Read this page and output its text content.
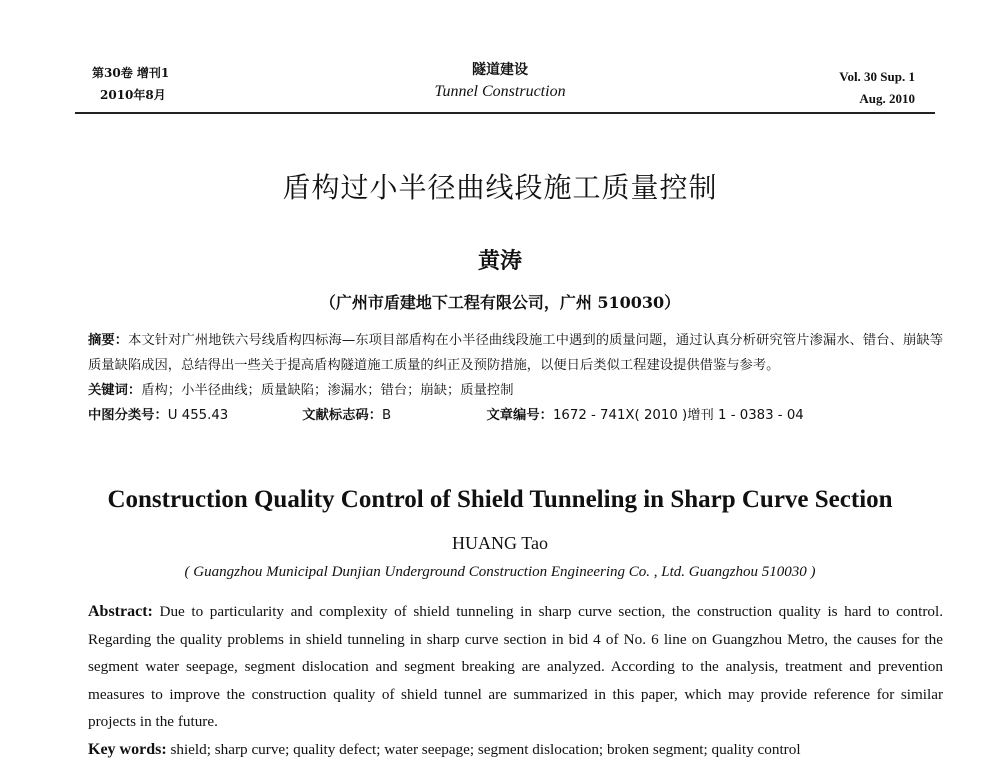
第30卷 增刊1
2010年8月
隧道建设
Tunnel Construction
Vol. 30 Sup. 1
Aug. 2010
盾构过小半径曲线段施工质量控制
黄涛
（广州市盾建地下工程有限公司，广州 510030）
摘要：本文针对广州地铁六号线盾构四标海—东项目部盾构在小半径曲线段施工中遇到的质量问题，通过认真分析研究管片渗漏水、错台、崩缺等质量缺陷成因，总结得出一些关于提高盾构隧道施工质量的纠正及预防措施，以便日后类似工程建设提供借鉴与参考。
关键词：盾构；小半径曲线；质量缺陷；渗漏水；错台；崩缺；质量控制
中图分类号：U 455.43	文献标志码：B	文章编号：1672 - 741X( 2010 )增刊 1 - 0383 - 04
Construction Quality Control of Shield Tunneling in Sharp Curve Section
HUANG Tao
( Guangzhou Municipal Dunjian Underground Construction Engineering Co. , Ltd. Guangzhou 510030 )
Abstract: Due to particularity and complexity of shield tunneling in sharp curve section, the construction quality is hard to control. Regarding the quality problems in shield tunneling in sharp curve section in bid 4 of No. 6 line on Guangzhou Metro, the causes for the segment water seepage, segment dislocation and segment breaking are analyzed. According to the analysis, treatment and prevention measures to improve the construction quality of shield tunnel are summarized in this paper, which may provide reference for similar projects in the future.
Key words: shield; sharp curve; quality defect; water seepage; segment dislocation; broken segment; quality control
